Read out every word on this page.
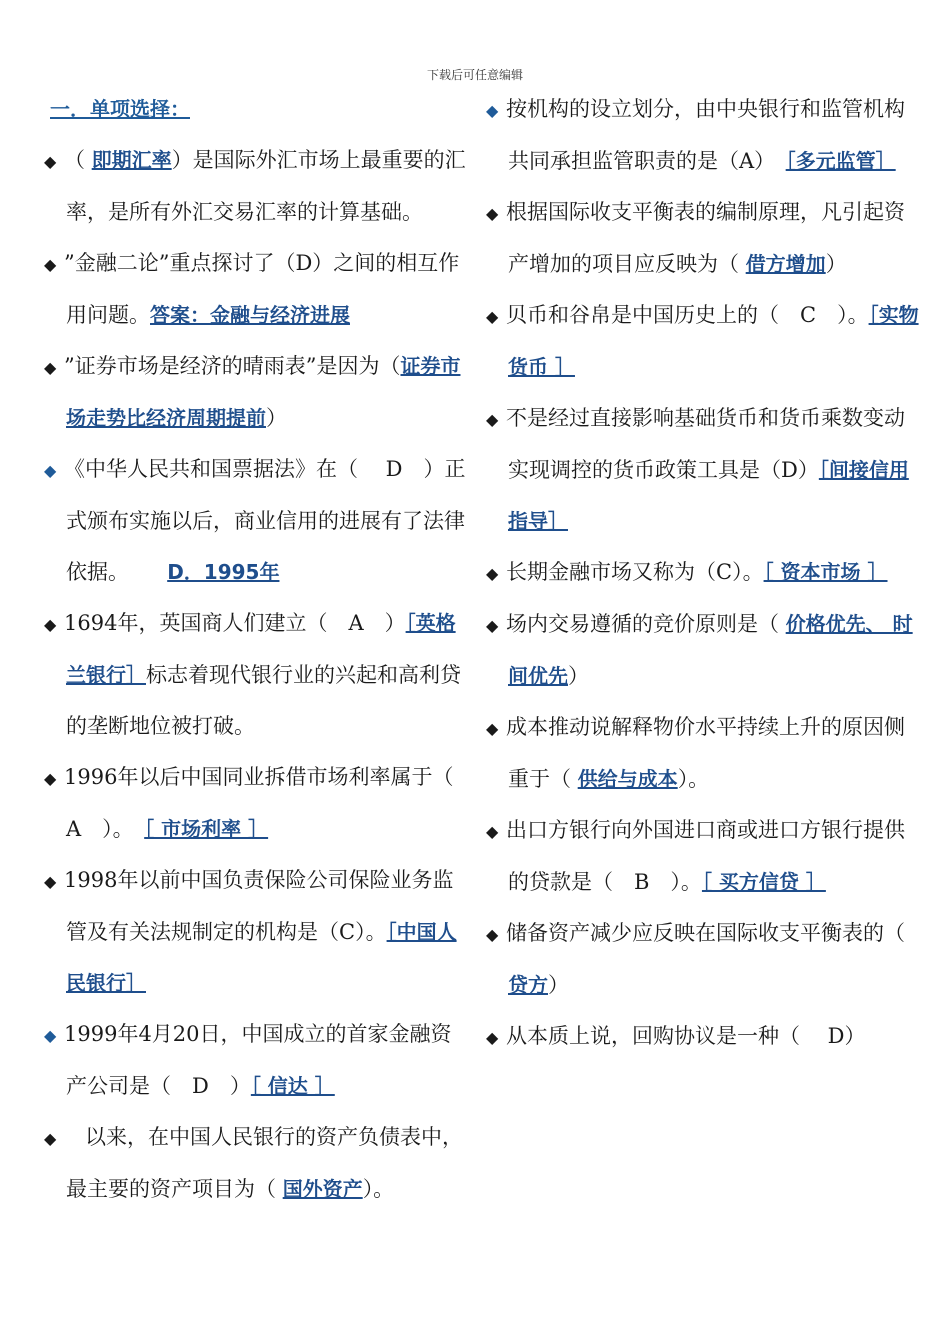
下载后可任意编辑
一．单项选择：
◆ （ 即期汇率）是国际外汇市场上最重要的汇率，是所有外汇交易汇率的计算基础。
◆ ”金融二论”重点探讨了（D）之间的相互作用问题。答案：金融与经济进展
◆ ”证券市场是经济的晴雨表”是因为（证券市场走势比经济周期提前）
◆ 《中华人民共和国票据法》在（　 D　）正式颁布实施以后，商业信用的进展有了法律依据。　　 D．1995年
◆ 1694年，英国商人们建立（　A　）［英格兰银行］标志着现代银行业的兴起和高利贷的垄断地位被打破。
◆ 1996年以后中国同业拆借市场利率属于（　A　）。　［ 市场利率 ］
◆ 1998年以前中国负责保险公司保险业务监管及有关法规制定的机构是（C）。［中国人民银行］
◆ 1999年4月20日，中国成立的首家金融资产公司是（　D　）［ 信达 ］
◆　以来，在中国人民银行的资产负债表中，最主要的资产项目为（ 国外资产）。
◆ 按机构的设立划分，由中央银行和监管机构共同承担监管职责的是（A）　［多元监管］
◆ 根据国际收支平衡表的编制原理，凡引起资产增加的项目应反映为（ 借方增加）
◆ 贝币和谷帛是中国历史上的（　C　）。［实物货币 ］
◆ 不是经过直接影响基础货币和货币乘数变动实现调控的货币政策工具是（D）［间接信用指导］
◆ 长期金融市场又称为（C）。［ 资本市场 ］
◆ 场内交易遵循的竞价原则是（ 价格优先、 时间优先）
◆ 成本推动说解释物价水平持续上升的原因侧重于（ 供给与成本）。
◆ 出口方银行向外国进口商或进口方银行提供的贷款是（　B　）。［ 买方信贷 ］
◆ 储备资产减少应反映在国际收支平衡表的（ 贷方）
◆ 从本质上说，回购协议是一种（　 D）
